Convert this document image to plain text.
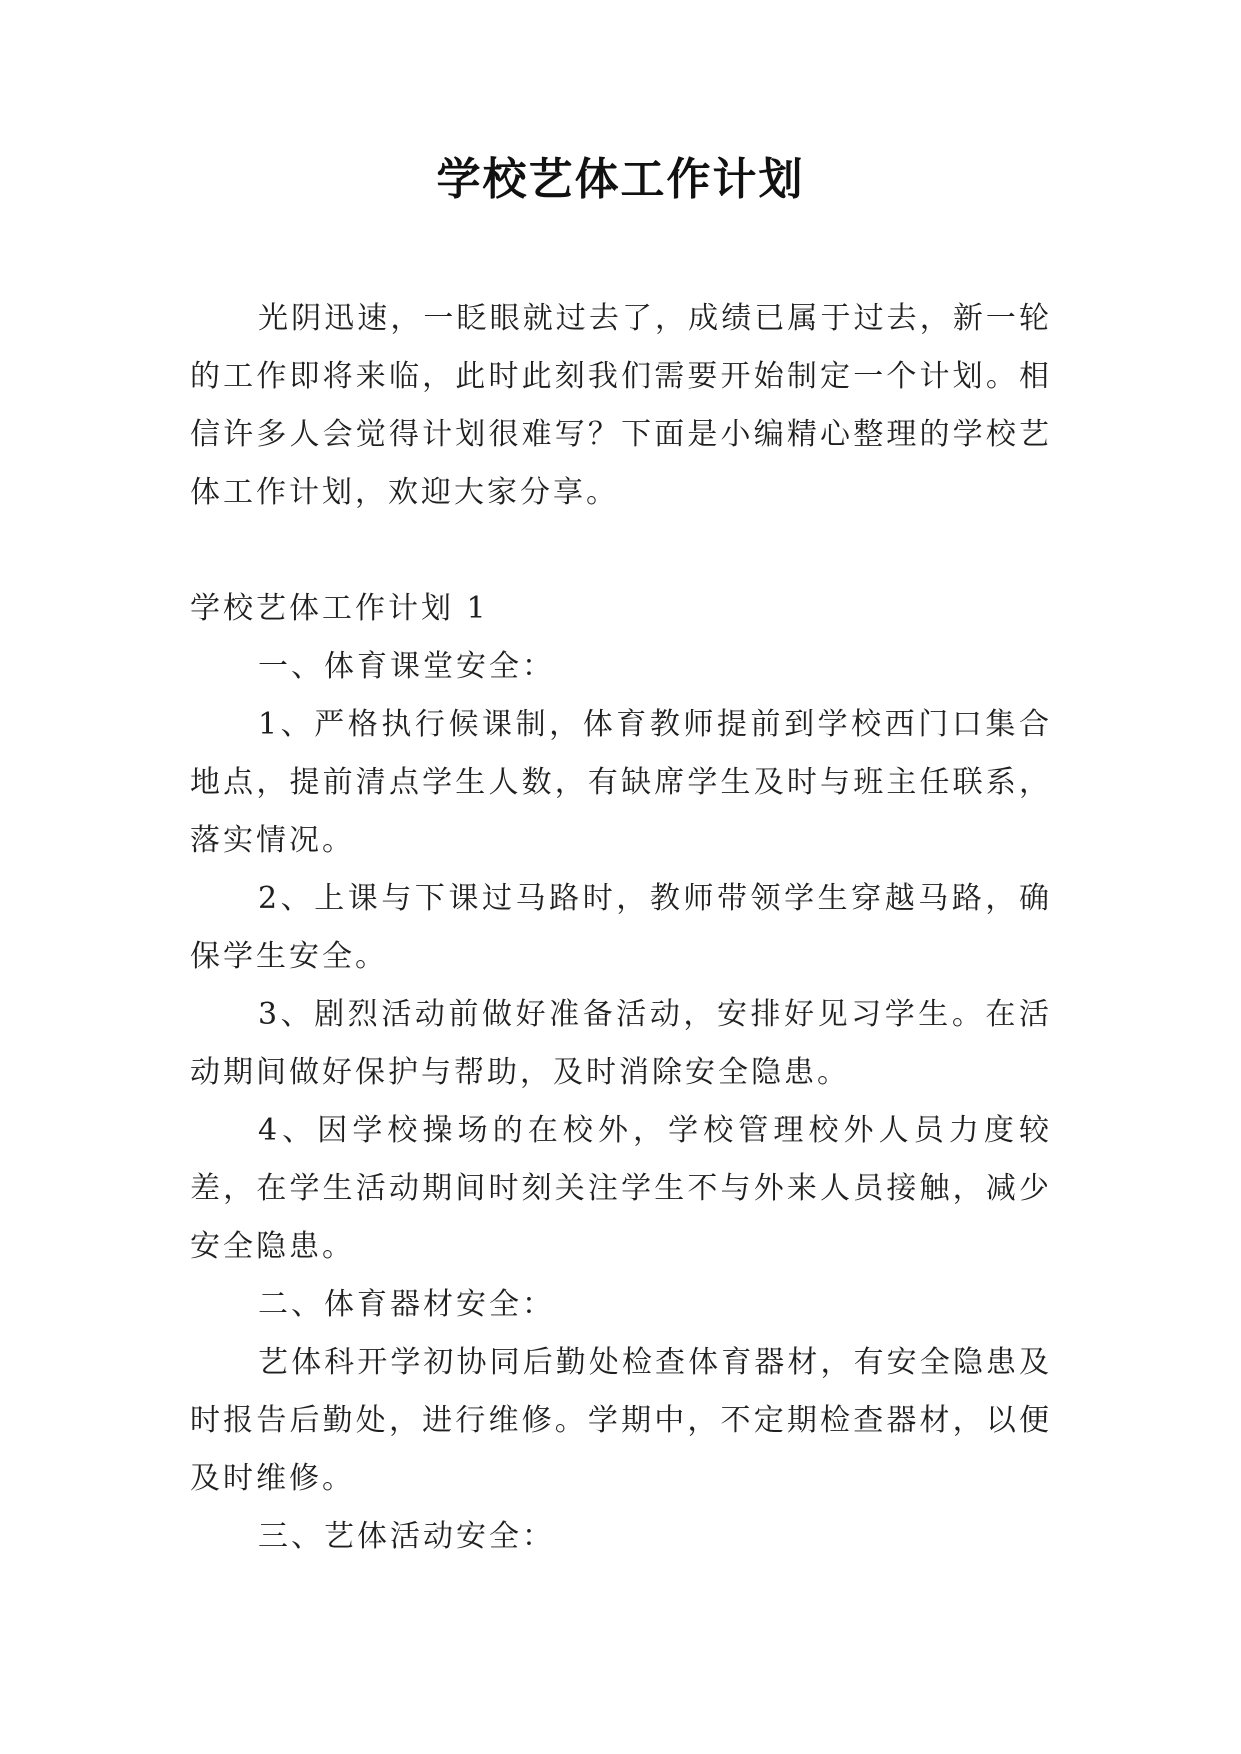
学校艺体工作计划

光阴迅速，一眨眼就过去了，成绩已属于过去，新一轮的工作即将来临，此时此刻我们需要开始制定一个计划。相信许多人会觉得计划很难写？下面是小编精心整理的学校艺体工作计划，欢迎大家分享。

学校艺体工作计划 1

一、体育课堂安全：

1、严格执行候课制，体育教师提前到学校西门口集合地点，提前清点学生人数，有缺席学生及时与班主任联系，落实情况。

2、上课与下课过马路时，教师带领学生穿越马路，确保学生安全。

3、剧烈活动前做好准备活动，安排好见习学生。在活动期间做好保护与帮助，及时消除安全隐患。

4、因学校操场的在校外，学校管理校外人员力度较差，在学生活动期间时刻关注学生不与外来人员接触，减少安全隐患。

二、体育器材安全：

艺体科开学初协同后勤处检查体育器材，有安全隐患及时报告后勤处，进行维修。学期中，不定期检查器材，以便及时维修。

三、艺体活动安全：
